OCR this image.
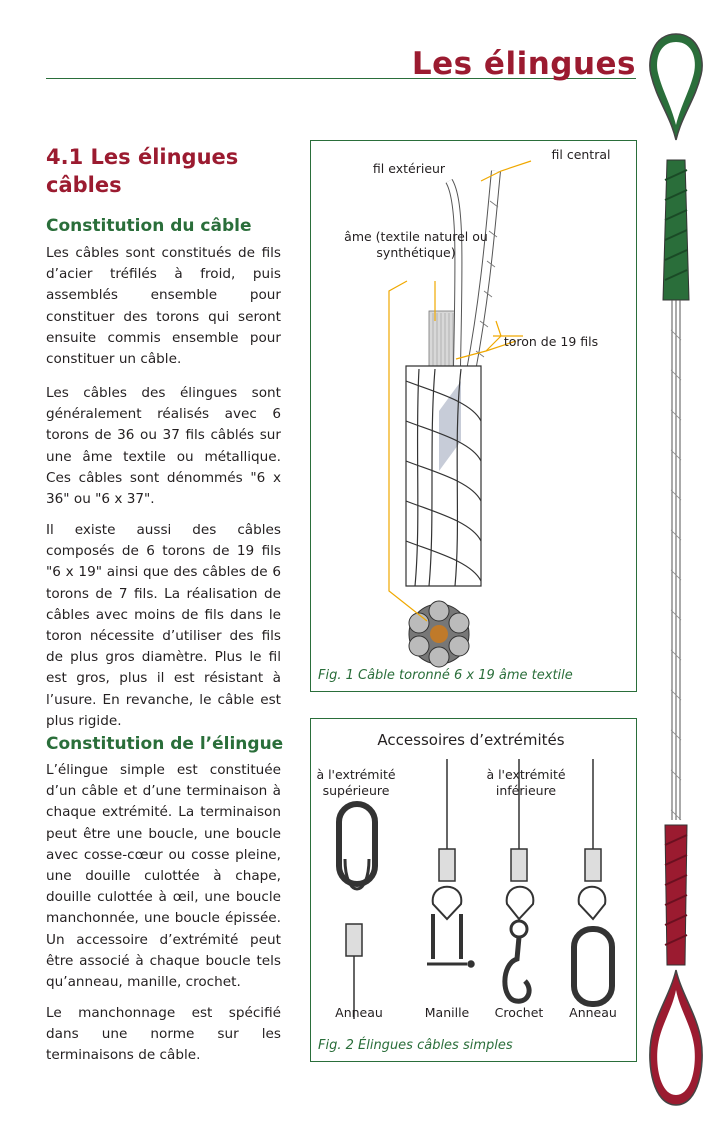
Les élingues 4
15
4.1 Les élingues câbles
Constitution du câble

Les câbles sont constitués de fils d’acier tréfilés à froid, puis assemblés ensemble pour constituer des torons qui seront ensuite commis ensemble pour constituer un câble.

Les câbles des élingues sont généralement réalisés avec 6 torons de 36 ou 37 fils câblés sur une âme textile ou métallique. Ces câbles sont dénommés "6 x 36" ou "6 x 37".

Il existe aussi des câbles composés de 6 torons de 19 fils "6 x 19" ainsi que des câbles de 6 torons de 7 fils. La réalisation de câbles avec moins de fils dans le toron nécessite d’utiliser des fils de plus gros diamètre. Plus le fil est gros, plus il est résistant à l’usure. En revanche, le câble est plus rigide.

Constitution de l’élingue

L’élingue simple est constituée d’un câble et d’une terminaison à chaque extrémité. La terminaison peut être une boucle, une boucle avec cosse-cœur ou cosse pleine, une douille culottée à chape, douille culottée à œil, une boucle manchonnée, une boucle épissée. Un accessoire d’extrémité peut être associé à chaque boucle tels qu’anneau, manille, crochet.

Le manchonnage est spécifié dans une norme sur les terminaisons de câble.

fil central
fil extérieur
âme (textile naturel ou synthétique)
toron de 19 fils
Fig. 1 Câble toronné 6 x 19 âme textile
Accessoires d’extrémités
à l'extrémité supérieure
à l'extrémité inférieure
Anneau	Manille	Crochet	Anneau
Fig. 2 Élingues câbles simples
